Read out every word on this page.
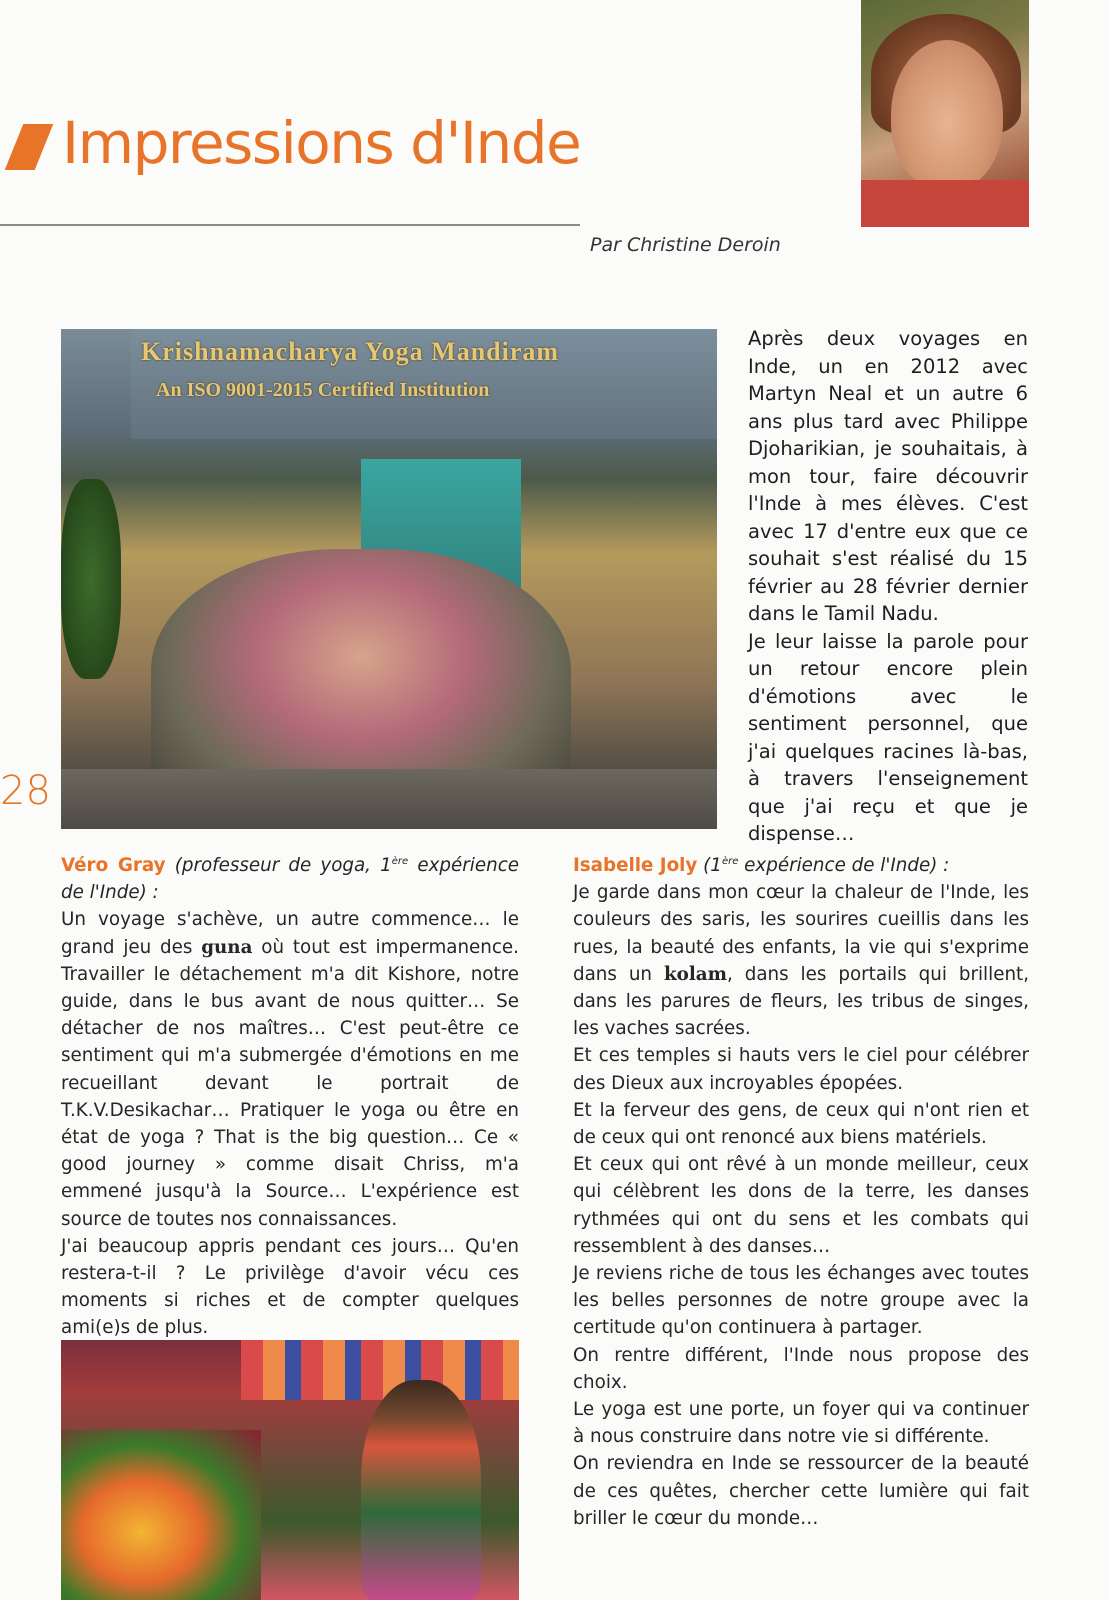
Impressions d'Inde
Par Christine Deroin
Krishnamacharya Yoga Mandiram
An ISO 9001-2015 Certified Institution

Après deux voyages en Inde, un en 2012 avec Martyn Neal et un autre 6 ans plus tard avec Philippe Djoharikian, je souhaitais, à mon tour, faire découvrir l'Inde à mes élèves. C'est avec 17 d'entre eux que ce souhait s'est réalisé du 15 février au 28 février dernier dans le Tamil Nadu.

Je leur laisse la parole pour un retour encore plein d'émotions avec le sentiment personnel, que j'ai quelques racines là-bas, à travers l'enseignement que j'ai reçu et que je dispense…

28

Véro Gray (professeur de yoga, 1ère expérience de l'Inde) :

Un voyage s'achève, un autre commence… le grand jeu des guna où tout est impermanence. Travailler le détachement m'a dit Kishore, notre guide, dans le bus avant de nous quitter… Se détacher de nos maîtres… C'est peut-être ce sentiment qui m'a submergée d'émotions en me recueillant devant le portrait de T.K.V.Desikachar… Pratiquer le yoga ou être en état de yoga ? That is the big question… Ce « good journey » comme disait Chriss, m'a emmené jusqu'à la Source… L'expérience est source de toutes nos connaissances.

J'ai beaucoup appris pendant ces jours… Qu'en restera-t-il ? Le privilège d'avoir vécu ces moments si riches et de compter quelques ami(e)s de plus.

Isabelle Joly (1ère expérience de l'Inde) :

Je garde dans mon cœur la chaleur de l'Inde, les couleurs des saris, les sourires cueillis dans les rues, la beauté des enfants, la vie qui s'exprime dans un kolam, dans les portails qui brillent, dans les parures de fleurs, les tribus de singes, les vaches sacrées.

Et ces temples si hauts vers le ciel pour célébrer des Dieux aux incroyables épopées.

Et la ferveur des gens, de ceux qui n'ont rien et de ceux qui ont renoncé aux biens matériels.

Et ceux qui ont rêvé à un monde meilleur, ceux qui célèbrent les dons de la terre, les danses rythmées qui ont du sens et les combats qui ressemblent à des danses…

Je reviens riche de tous les échanges avec toutes les belles personnes de notre groupe avec la certitude qu'on continuera à partager.

On rentre différent, l'Inde nous propose des choix.

Le yoga est une porte, un foyer qui va continuer à nous construire dans notre vie si différente.

On reviendra en Inde se ressourcer de la beauté de ces quêtes, chercher cette lumière qui fait briller le cœur du monde…
